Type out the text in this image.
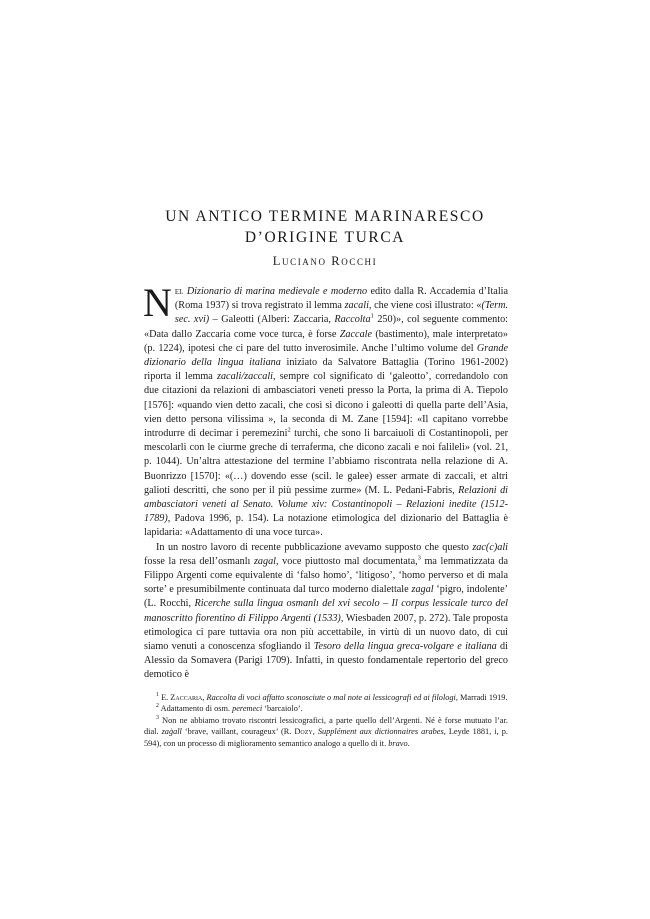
UN ANTICO TERMINE MARINARESCO
D’ORIGINE TURCA
Luciano Rocchi

Nel Dizionario di marina medievale e moderno edito dalla R. Accademia d’Italia (Roma 1937) si trova registrato il lemma zacali, che viene così illustrato: «(Term. sec. xvi) – Galeotti (Alberi: Zaccaria, Raccolta$^1$ 250)», col seguente commento: «Data dallo Zaccaria come voce turca, è forse Zaccale (bastimento), male interpretato» (p. 1224), ipotesi che ci pare del tutto inverosimile. Anche l’ultimo volume del Grande dizionario della lingua italiana iniziato da Salvatore Battaglia (Torino 1961-2002) riporta il lemma zacali/zaccali, sempre col significato di ‘galeotto’, corredandolo con due citazioni da relazioni di ambasciatori veneti presso la Porta, la prima di A. Tiepolo [1576]: «quando vien detto zacali, che così si dicono i galeotti di quella parte dell’Asia, vien detto persona vilissima », la seconda di M. Zane [1594]: «Il capitano vorrebbe introdurre di decimar i peremezini$^2$ turchi, che sono li barcaiuoli di Costantinopoli, per mescolarli con le ciurme greche di terraferma, che dicono zacali e noi falileli» (vol. 21, p. 1044). Un’altra attestazione del termine l’abbiamo riscontrata nella relazione di A. Buonrizzo [1570]: «(…) dovendo esse (scil. le galee) esser armate di zaccali, et altri galioti descritti, che sono per il più pessime zurme» (M. L. Pedani-Fabris, Relazioni di ambasciatori veneti al Senato. Volume xiv: Costantinopoli – Relazioni inedite (1512-1789), Padova 1996, p. 154). La notazione etimologica del dizionario del Battaglia è lapidaria: «Adattamento di una voce turca».

In un nostro lavoro di recente pubblicazione avevamo supposto che questo zac(c)ali fosse la resa dell’osmanlı zagal, voce piuttosto mal documentata,$^3$ ma lemmatizzata da Filippo Argenti come equivalente di ‘falso homo’, ‘litigoso’, ‘homo perverso et di mala sorte’ e presumibilmente continuata dal turco moderno dialettale zagal ‘pigro, indolente’ (L. Rocchi, Ricerche sulla lingua osmanlı del xvi secolo – Il corpus lessicale turco del manoscritto fiorentino di Filippo Argenti (1533), Wiesbaden 2007, p. 272). Tale proposta etimologica ci pare tuttavia ora non più accettabile, in virtù di un nuovo dato, di cui siamo venuti a conoscenza sfogliando il Tesoro della lingua greca-volgare e italiana di Alessio da Somavera (Parigi 1709). Infatti, in questo fondamentale repertorio del greco demotico è

$^1$ E. Zaccaria, Raccolta di voci affatto sconosciute o mal note ai lessicografi ed ai filologi, Marradi 1919.

$^2$ Adattamento di osm. peremeci ‘barcaiolo’.

$^3$ Non ne abbiamo trovato riscontri lessicografici, a parte quello dell’Argenti. Né è forse mutuato l’ar. dial. zaġall ‘brave, vaillant, courageux’ (R. Dozy, Supplément aux dictionnaires arabes, Leyde 1881, i, p. 594), con un processo di miglioramento semantico analogo a quello di it. bravo.
